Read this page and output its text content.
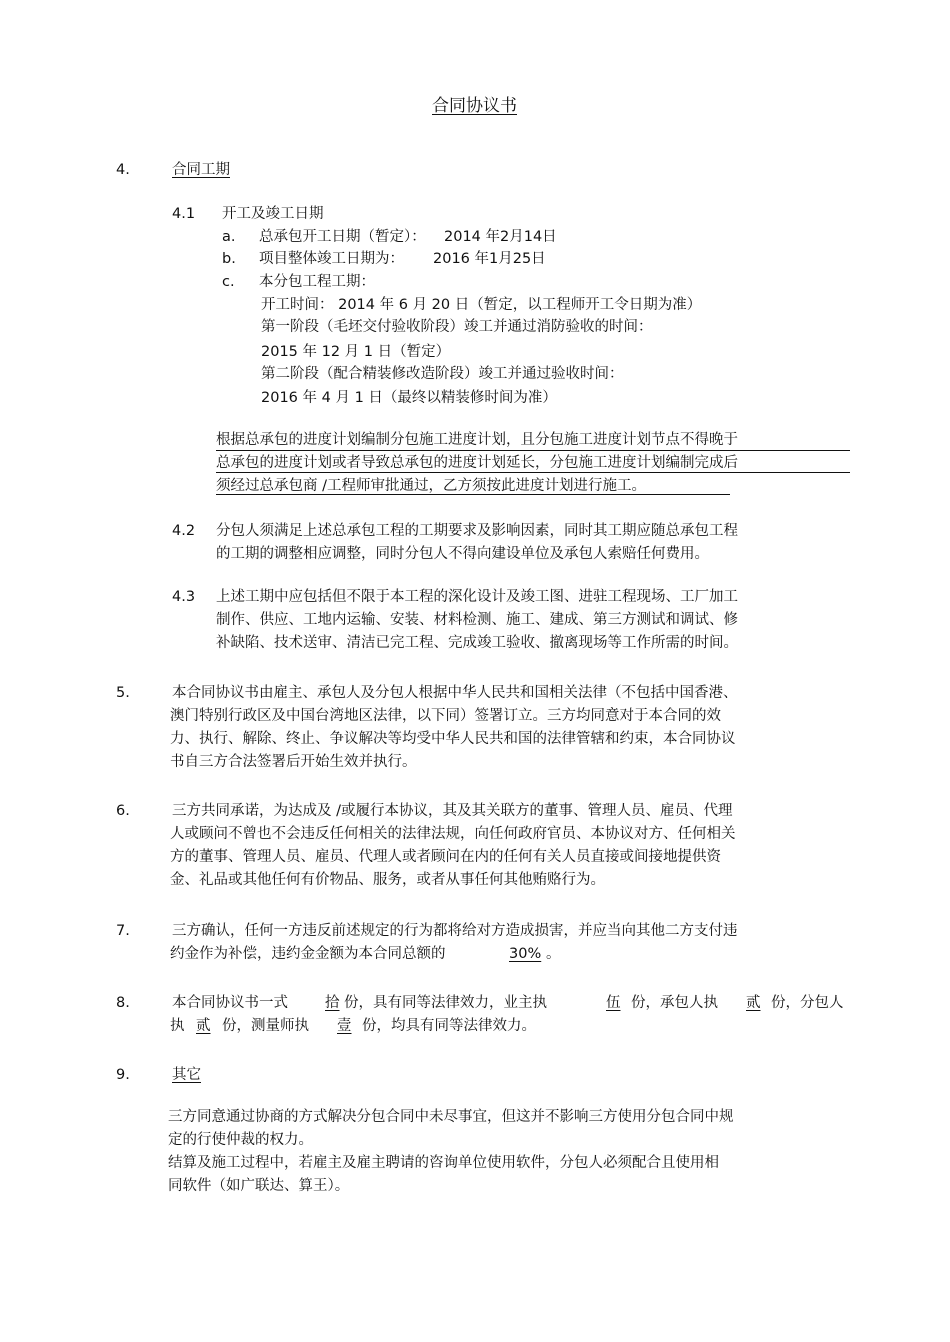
合同协议书
4.	合同工期
4.1 开工及竣工日期
a. 总承包开工日期（暂定）： 2014 年2月14日
b. 项目整体竣工日期为： 2016 年1月25日
c. 本分包工程工期：
开工时间： 2014 年 6 月 20 日（暂定，以工程师开工令日期为准）
第一阶段（毛坯交付验收阶段）竣工并通过消防验收的时间：
2015 年 12 月 1 日（暂定）
第二阶段（配合精装修改造阶段）竣工并通过验收时间：
2016 年 4 月 1 日（最终以精装修时间为准）
根据总承包的进度计划编制分包施工进度计划，且分包施工进度计划节点不得晚于
总承包的进度计划或者导致总承包的进度计划延长，分包施工进度计划编制完成后
须经过总承包商 /工程师审批通过，乙方须按此进度计划进行施工。
4.2 分包人须满足上述总承包工程的工期要求及影响因素，同时其工期应随总承包工程
的工期的调整相应调整，同时分包人不得向建设单位及承包人索赔任何费用。
4.3 上述工期中应包括但不限于本工程的深化设计及竣工图、进驻工程现场、工厂加工
制作、供应、工地内运输、安装、材料检测、施工、建成、第三方测试和调试、修
补缺陷、技术送审、清洁已完工程、完成竣工验收、撤离现场等工作所需的时间。
5.	本合同协议书由雇主、承包人及分包人根据中华人民共和国相关法律（不包括中国香港、
澳门特别行政区及中国台湾地区法律，以下同）签署订立。三方均同意对于本合同的效
力、执行、解除、终止、争议解决等均受中华人民共和国的法律管辖和约束，本合同协议
书自三方合法签署后开始生效并执行。
6.	三方共同承诺，为达成及 /或履行本协议，其及其关联方的董事、管理人员、雇员、代理
人或顾问不曾也不会违反任何相关的法律法规，向任何政府官员、本协议对方、任何相关
方的董事、管理人员、雇员、代理人或者顾问在内的任何有关人员直接或间接地提供资
金、礼品或其他任何有价物品、服务，或者从事任何其他贿赂行为。
7.	三方确认，任何一方违反前述规定的行为都将给对方造成损害，并应当向其他二方支付违
约金作为补偿，违约金金额为本合同总额的	30% 。
8.	本合同协议书一式	拾 份，具有同等法律效力，业主执	伍 份，承包人执 贰 份，分包人
执 贰 份，测量师执 壹 份，均具有同等法律效力。
9.	其它
三方同意通过协商的方式解决分包合同中未尽事宜，但这并不影响三方使用分包合同中规
定的行使仲裁的权力。
结算及施工过程中，若雇主及雇主聘请的咨询单位使用软件，分包人必须配合且使用相
同软件（如广联达、算王）。
